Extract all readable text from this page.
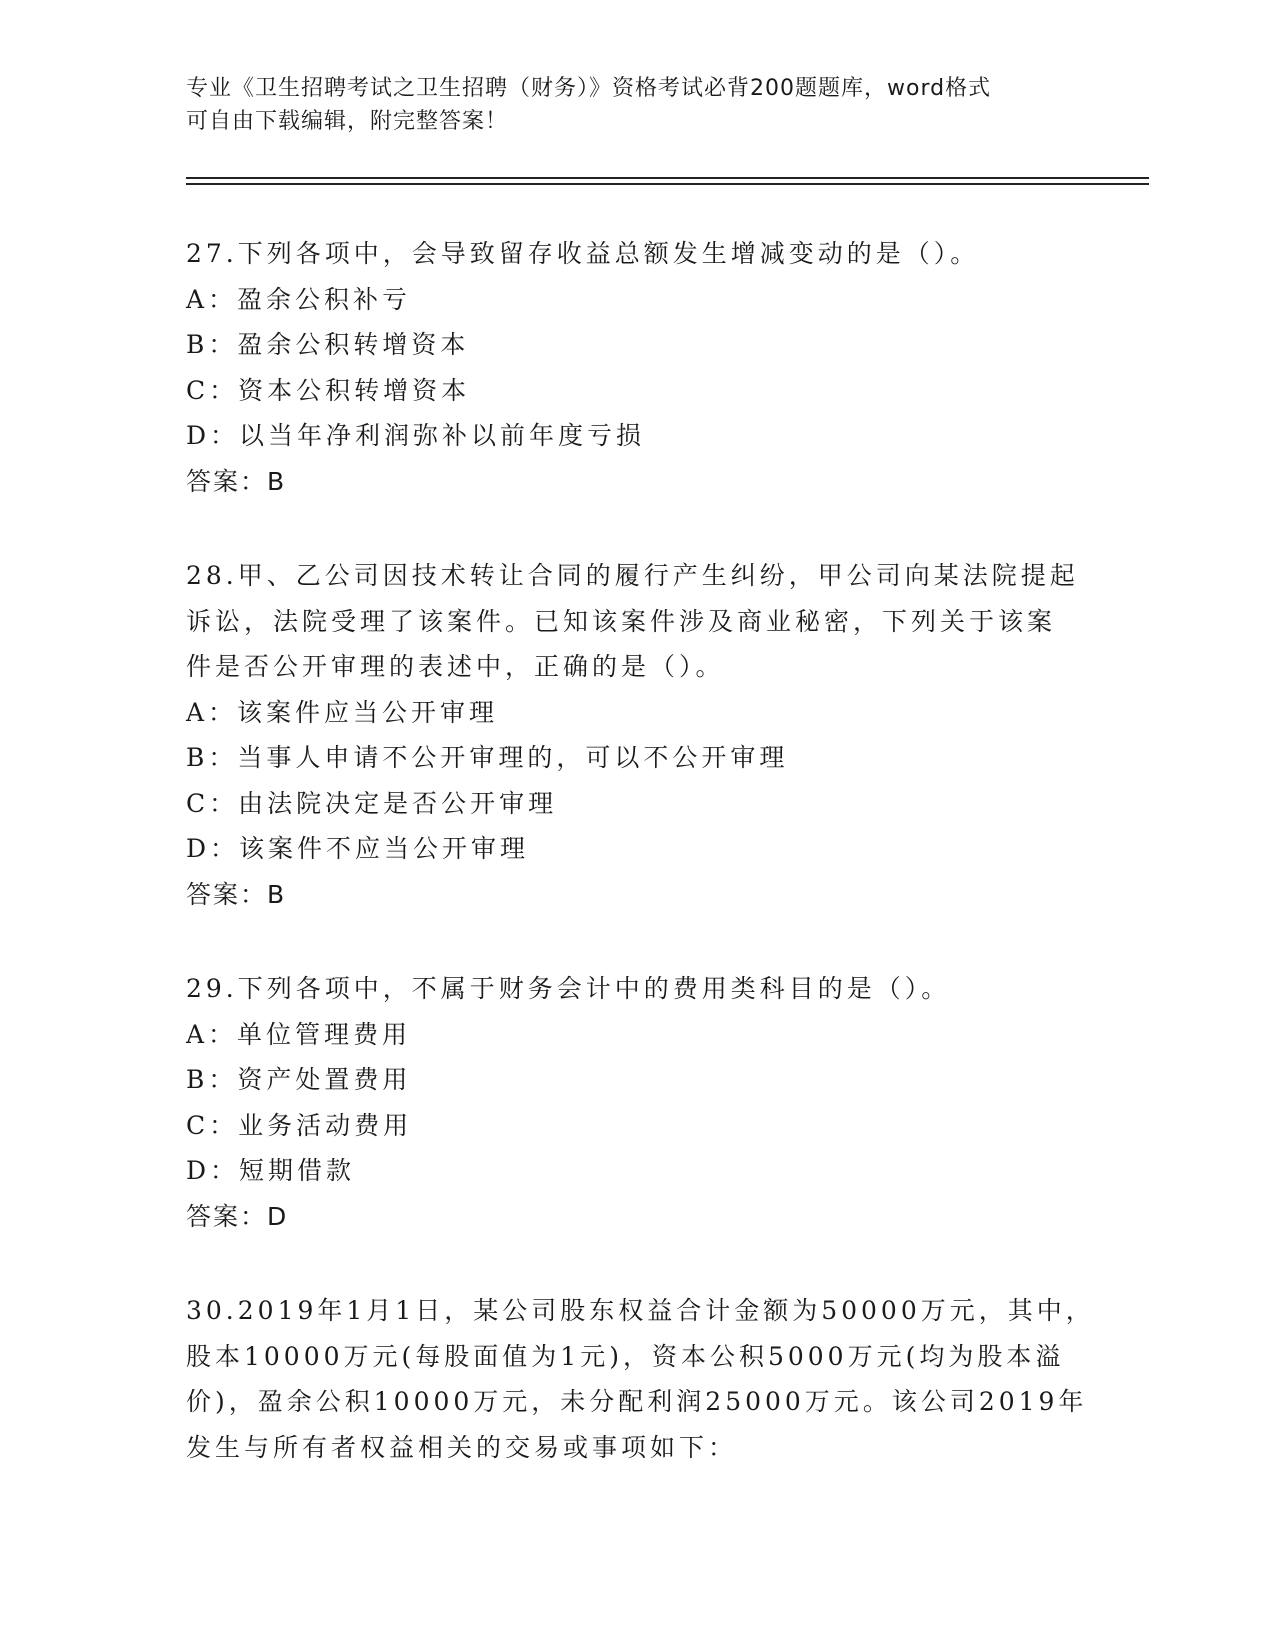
专业《卫生招聘考试之卫生招聘（财务）》资格考试必背200题题库，word格式
可自由下载编辑，附完整答案！
27.下列各项中，会导致留存收益总额发生增减变动的是（）。
A：盈余公积补亏
B：盈余公积转增资本
C：资本公积转增资本
D：以当年净利润弥补以前年度亏损
答案：B
28.甲、乙公司因技术转让合同的履行产生纠纷，甲公司向某法院提起
诉讼，法院受理了该案件。已知该案件涉及商业秘密，下列关于该案
件是否公开审理的表述中，正确的是（）。
A：该案件应当公开审理
B：当事人申请不公开审理的，可以不公开审理
C：由法院决定是否公开审理
D：该案件不应当公开审理
答案：B
29.下列各项中，不属于财务会计中的费用类科目的是（）。
A：单位管理费用
B：资产处置费用
C：业务活动费用
D：短期借款
答案：D
30.2019年1月1日，某公司股东权益合计金额为50000万元，其中，
股本10000万元(每股面值为1元)，资本公积5000万元(均为股本溢
价)，盈余公积10000万元，未分配利润25000万元。该公司2019年
发生与所有者权益相关的交易或事项如下：
